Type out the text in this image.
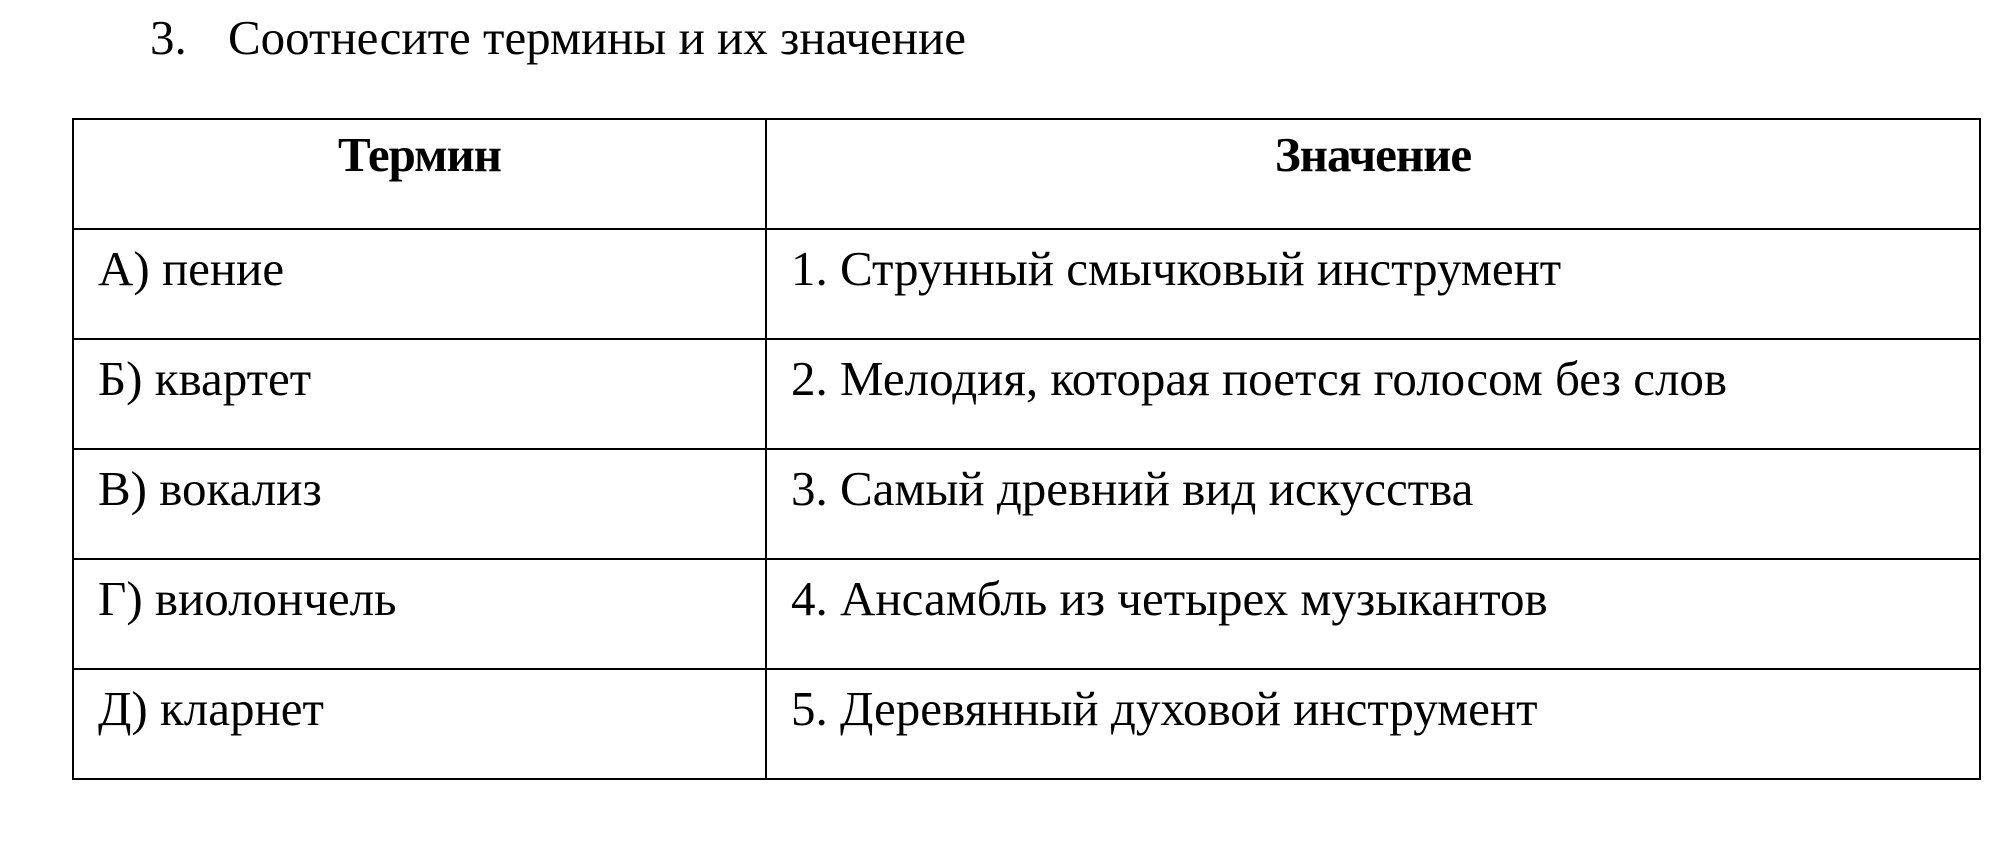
3. Соотнесите термины и их значение
Термин	Значение
А) пение	1. Струнный смычковый инструмент
Б) квартет	2. Мелодия, которая поется голосом без слов
В) вокализ	3. Самый древний вид искусства
Г) виолончель	4. Ансамбль из четырех музыкантов
Д) кларнет	5. Деревянный духовой инструмент
